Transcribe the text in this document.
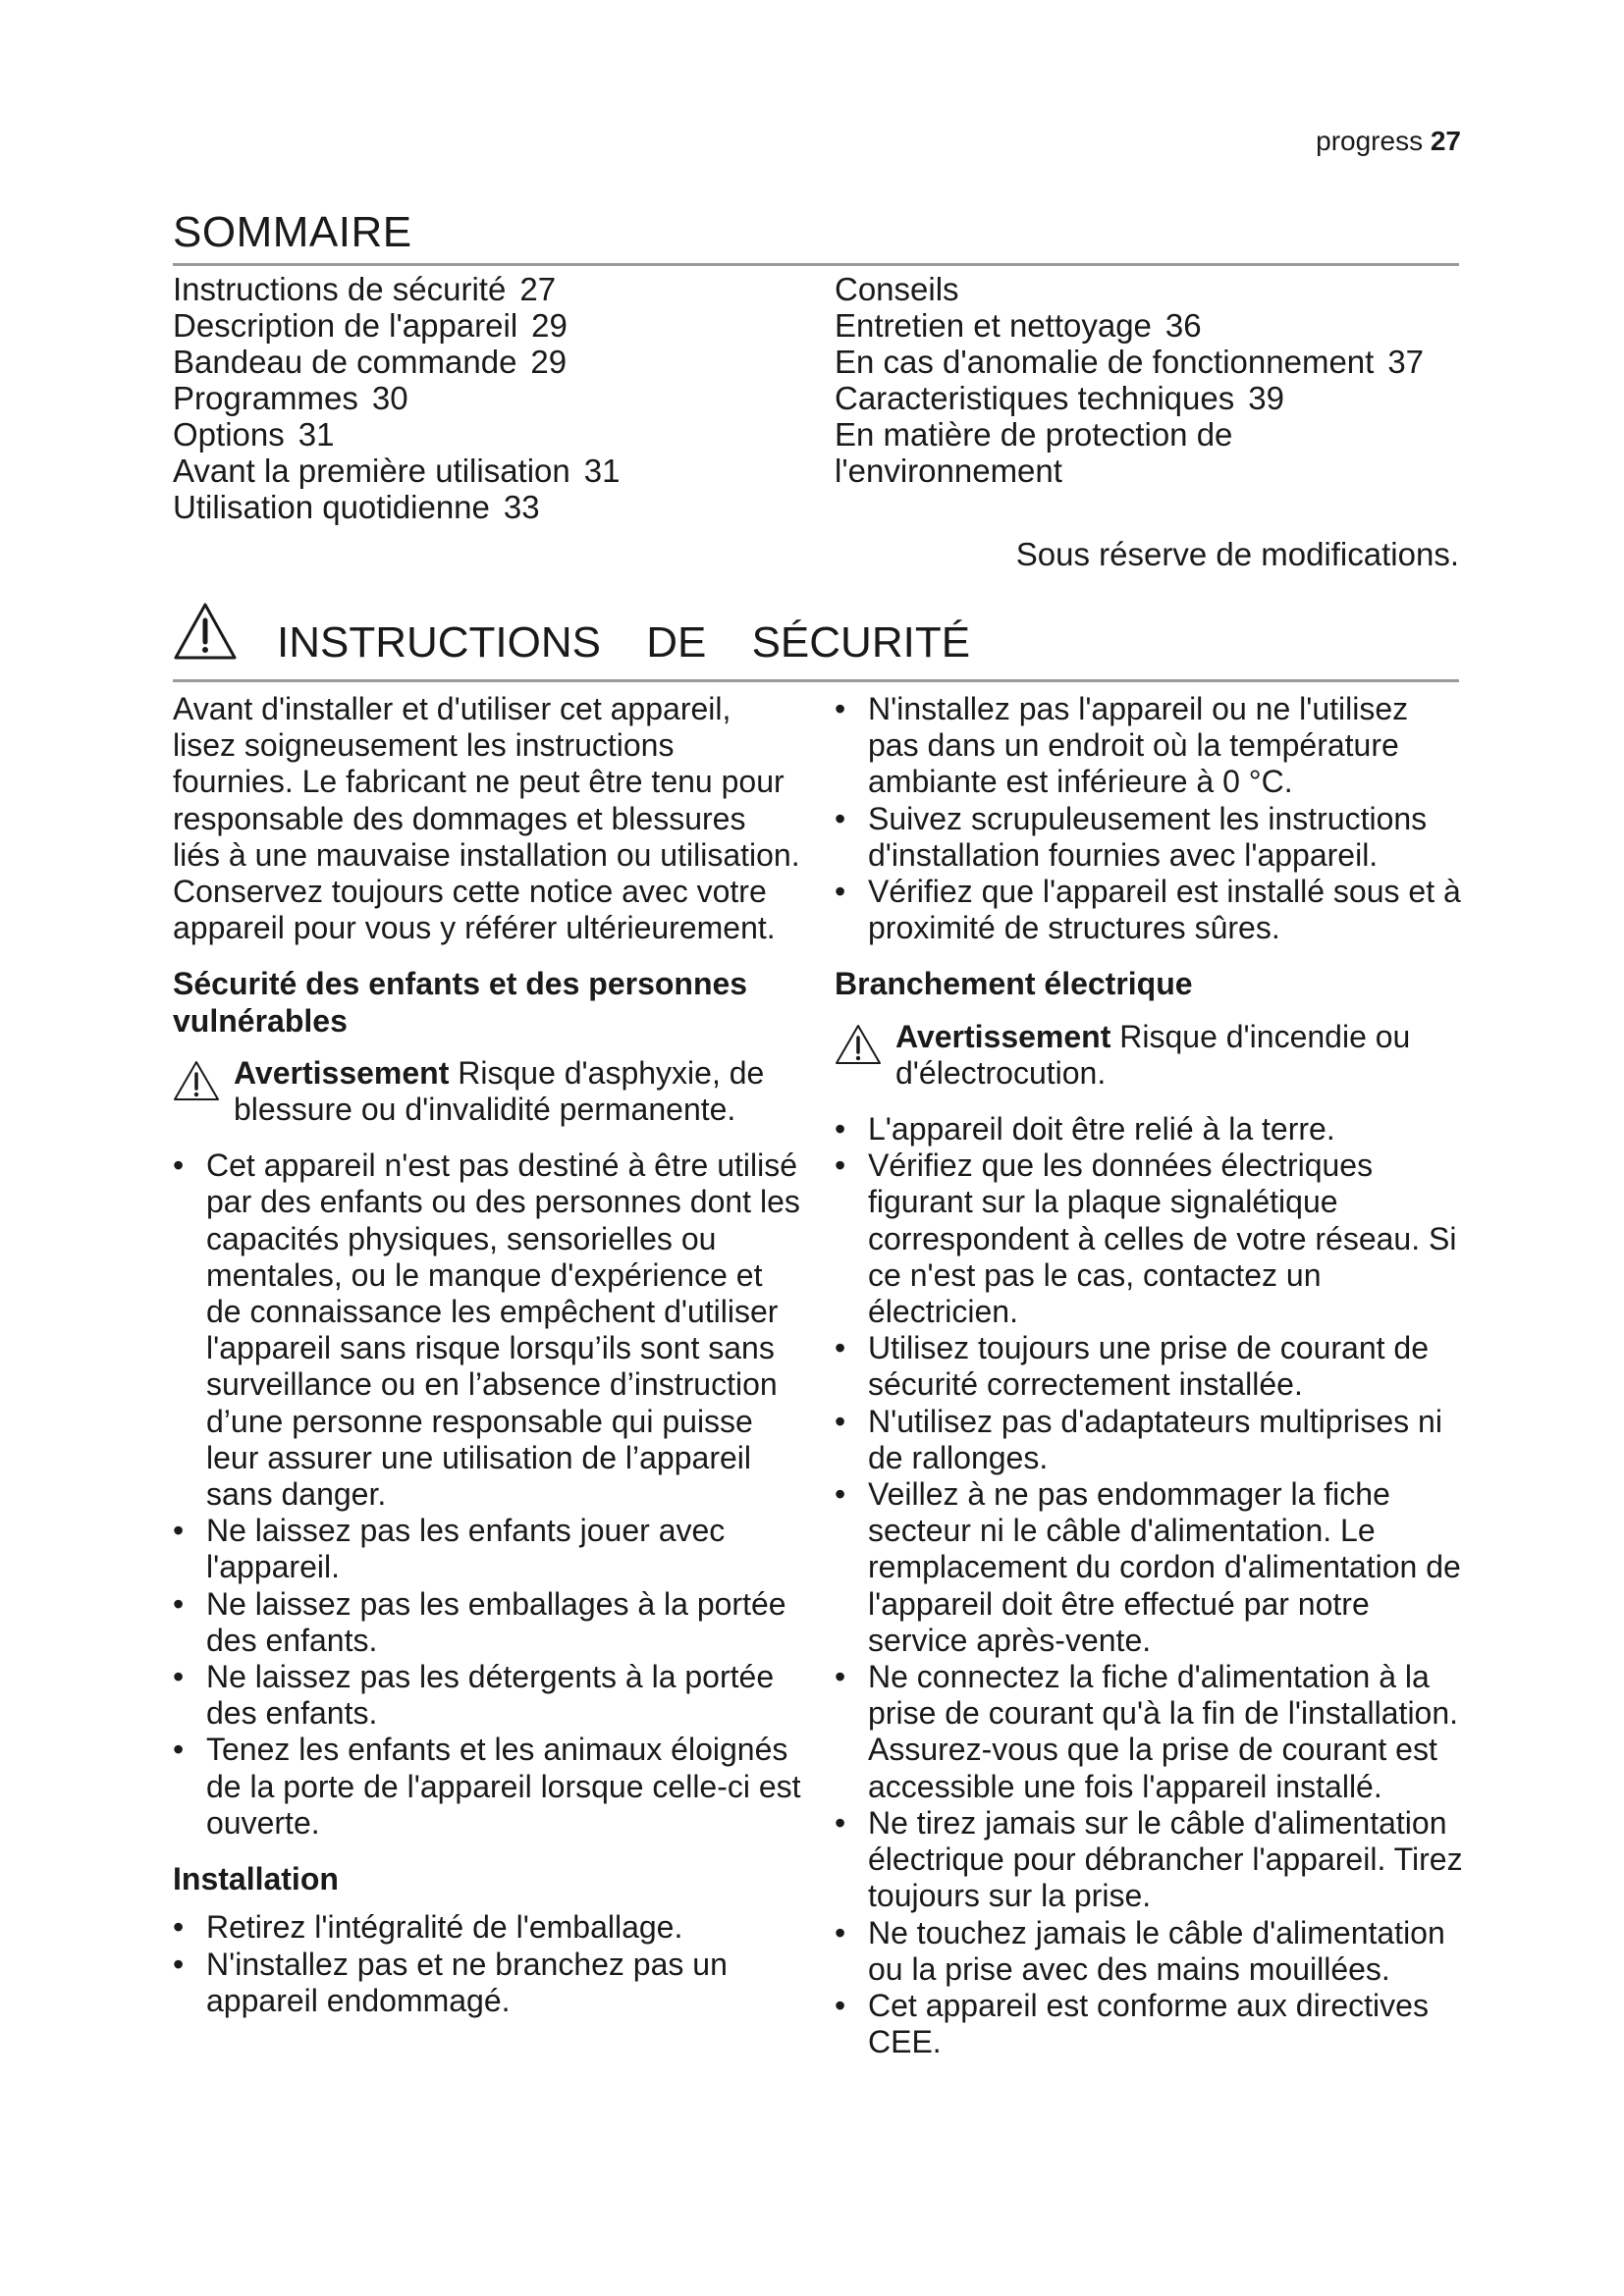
progress 27
SOMMAIRE
Instructions de sécurité 27
Description de l'appareil 29
Bandeau de commande 29
Programmes 30
Options 31
Avant la première utilisation 31
Utilisation quotidienne 33
Conseils
Entretien et nettoyage 36
En cas d'anomalie de fonctionnement 37
Caracteristiques techniques 39
En matière de protection de
l'environnement
Sous réserve de modifications.
INSTRUCTIONS DE SÉCURITÉ

Avant d'installer et d'utiliser cet appareil, lisez soigneusement les instructions fournies. Le fabricant ne peut être tenu pour responsable des dommages et blessures liés à une mauvaise installation ou utilisation. Conservez toujours cette notice avec votre appareil pour vous y référer ultérieurement.

Sécurité des enfants et des personnes vulnérables
Avertissement Risque d'asphyxie, de blessure ou d'invalidité permanente.
• Cet appareil n'est pas destiné à être utilisé par des enfants ou des personnes dont les capacités physiques, sensorielles ou mentales, ou le manque d'expérience et de connaissance les empêchent d'utiliser l'appareil sans risque lorsqu’ils sont sans surveillance ou en l’absence d’instruction d’une personne responsable qui puisse leur assurer une utilisation de l’appareil sans danger.
• Ne laissez pas les enfants jouer avec l'appareil.
• Ne laissez pas les emballages à la portée des enfants.
• Ne laissez pas les détergents à la portée des enfants.
• Tenez les enfants et les animaux éloignés de la porte de l'appareil lorsque celle-ci est ouverte.
Installation
• Retirez l'intégralité de l'emballage.
• N'installez pas et ne branchez pas un appareil endommagé.
• N'installez pas l'appareil ou ne l'utilisez pas dans un endroit où la température ambiante est inférieure à 0 °C.
• Suivez scrupuleusement les instructions d'installation fournies avec l'appareil.
• Vérifiez que l'appareil est installé sous et à proximité de structures sûres.
Branchement électrique
Avertissement Risque d'incendie ou d'électrocution.
• L'appareil doit être relié à la terre.
• Vérifiez que les données électriques figurant sur la plaque signalétique correspondent à celles de votre réseau. Si ce n'est pas le cas, contactez un électricien.
• Utilisez toujours une prise de courant de sécurité correctement installée.
• N'utilisez pas d'adaptateurs multiprises ni de rallonges.
• Veillez à ne pas endommager la fiche secteur ni le câble d'alimentation. Le remplacement du cordon d'alimentation de l'appareil doit être effectué par notre service après-vente.
• Ne connectez la fiche d'alimentation à la prise de courant qu'à la fin de l'installation. Assurez-vous que la prise de courant est accessible une fois l'appareil installé.
• Ne tirez jamais sur le câble d'alimentation électrique pour débrancher l'appareil. Tirez toujours sur la prise.
• Ne touchez jamais le câble d'alimentation ou la prise avec des mains mouillées.
• Cet appareil est conforme aux directives CEE.
